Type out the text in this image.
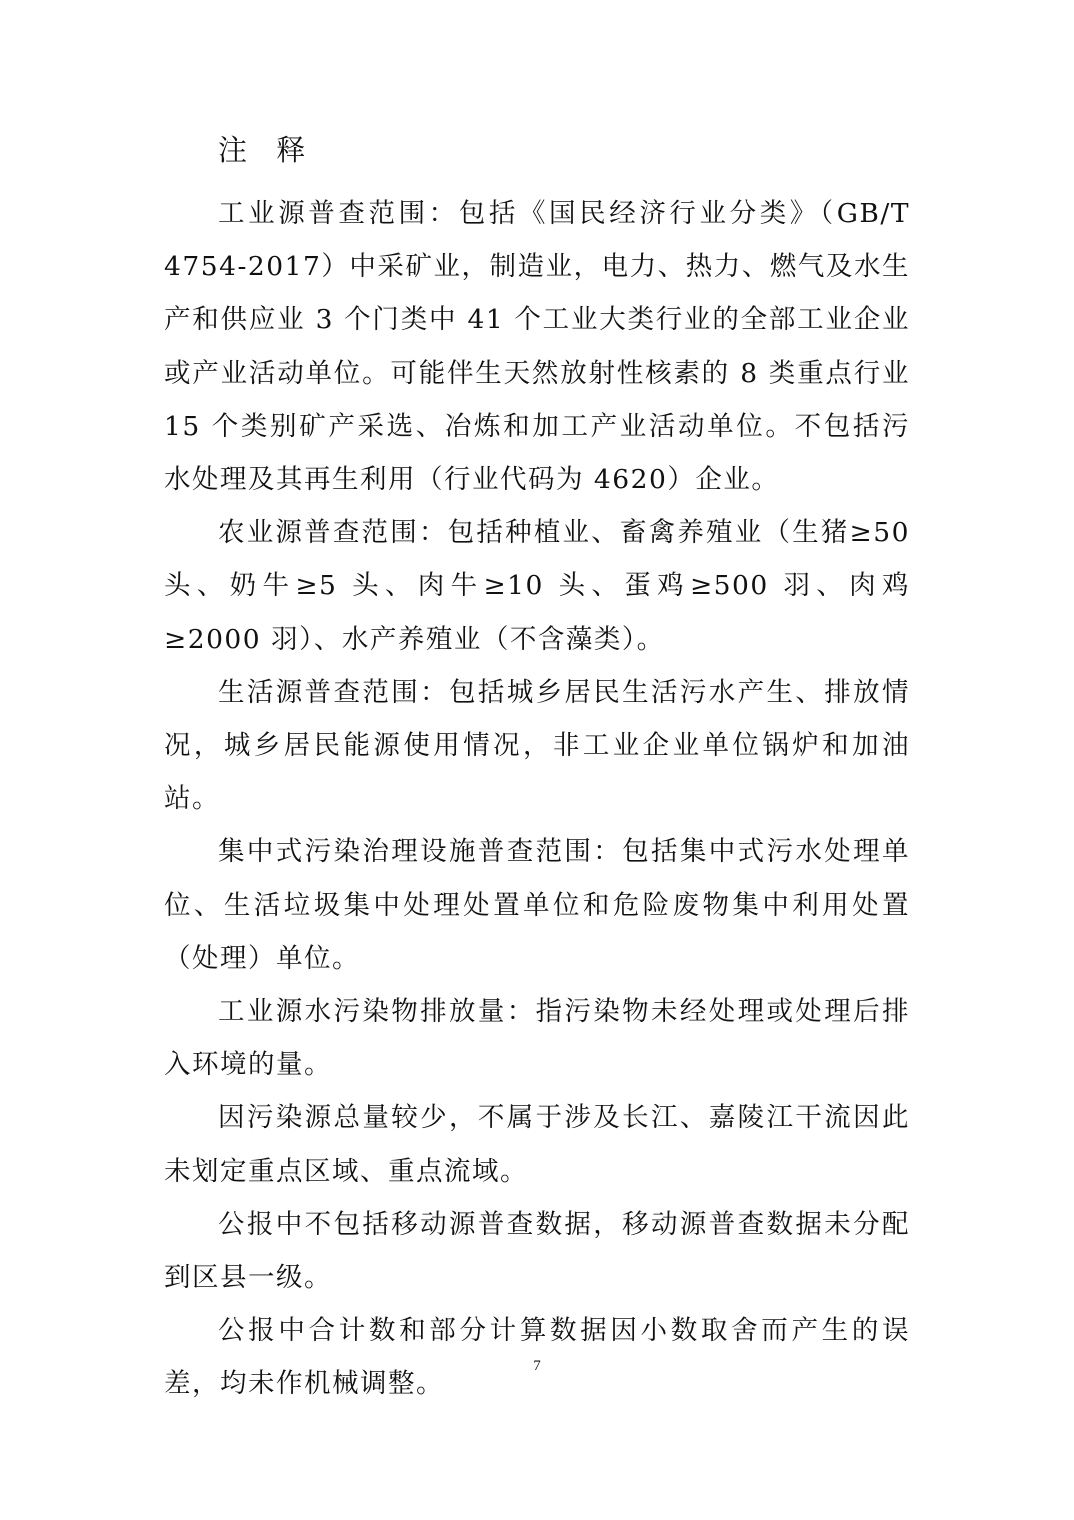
注 释

工业源普查范围：包括《国民经济行业分类》（GB/T 4754-2017）中采矿业，制造业，电力、热力、燃气及水生产和供应业 3 个门类中 41 个工业大类行业的全部工业企业或产业活动单位。可能伴生天然放射性核素的 8 类重点行业 15 个类别矿产采选、冶炼和加工产业活动单位。不包括污水处理及其再生利用（行业代码为 4620）企业。

农业源普查范围：包括种植业、畜禽养殖业（生猪≥50 头、奶牛≥5 头、肉牛≥10 头、蛋鸡≥500 羽、肉鸡≥2000 羽）、水产养殖业（不含藻类）。

生活源普查范围：包括城乡居民生活污水产生、排放情况，城乡居民能源使用情况，非工业企业单位锅炉和加油站。

集中式污染治理设施普查范围：包括集中式污水处理单位、生活垃圾集中处理处置单位和危险废物集中利用处置（处理）单位。

工业源水污染物排放量：指污染物未经处理或处理后排入环境的量。

因污染源总量较少，不属于涉及长江、嘉陵江干流因此未划定重点区域、重点流域。

公报中不包括移动源普查数据，移动源普查数据未分配到区县一级。

公报中合计数和部分计算数据因小数取舍而产生的误差，均未作机械调整。

7
